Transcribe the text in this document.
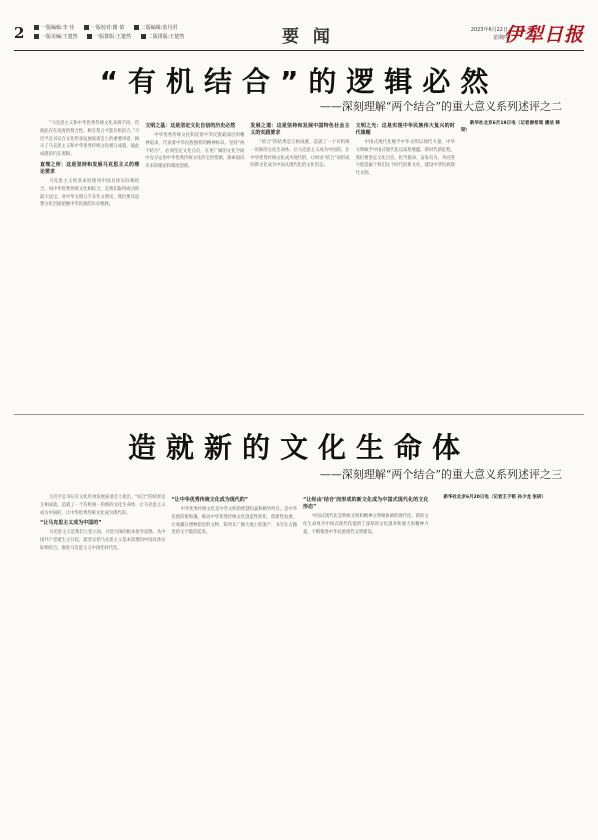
2	一版编辑:李 佳	一版校对:楼 倩	二版编辑:张丹君
一版美编:王楚然	一版排版:王楚然	二版排版:王楚然	要 闻	2023年6月22日
星期四
伊犁日报
“有机结合”的逻辑必然
——深刻理解“两个结合”的重大意义系列述评之二

“马克思主义和中华优秀传统文化来源不同，但彼此存在高度的契合性。相互契合才能有机结合。”习近平总书记在文化传承发展座谈会上的重要讲话，揭示了马克思主义和中华优秀传统文化相互成就、彼此成就的内在逻辑。

直理之所：这是坚持和发展马克思主义的理论要求

马克思主义的基本原理同中国具体实际相结合、同中华优秀传统文化相结合，是我们取得成功的最大法宝。对中华文明五千多年文明史，我们要从思想文化层面把握中华民族的历史根脉。

文明之基：这是坚定文化自信的历史必然

中华优秀传统文化积淀着中华民族最深层的精神追求，代表着中华民族独特的精神标识。坚持“两个结合”，必须坚定文化自信，在更广阔的文化空间中充分运用中华优秀传统文化的宝贵资源，探索面向未来的理论和制度创新。

发展之道：这是坚持和发展中国特色社会主义的实践要求

“结合”的结果是互相成就，造就了一个有机统一的新的文化生命体，让马克思主义成为中国的，让中华优秀传统文化成为现代的，让经由“结合”而形成的新文化成为中国式现代化的文化形态。

文明之光：这是实现中华民族伟大复兴的时代课题

中国式现代化赋予中华文明以现代力量，中华文明赋予中国式现代化以深厚底蕴。新时代新征程，我们要坚定文化自信，担当使命、奋发有为，共同努力创造属于我们这个时代的新文化，建设中华民族现代文明。

新华社北京6月19日电（记者谢希瑶 潘洁 韩梁）

造就新的文化生命体
——深刻理解“两个结合”的重大意义系列述评之三

习近平总书记在文化传承发展座谈会上指出，“结合”的结果是互相成就，造就了一个有机统一的新的文化生命体，让马克思主义成为中国的，让中华优秀传统文化成为现代的。

“让马克思主义成为中国的”

马克思主义是我们立党立国、兴党兴国的根本指导思想。从中国共产党诞生之日起，就坚定把马克思主义基本原理同中国具体实际相结合，推进马克思主义中国化时代化。

“让中华优秀传统文化成为现代的”

中华优秀传统文化是中华文明的智慧结晶和精华所在，是中华民族的根和魂。推动中华优秀传统文化创造性转化、创新性发展，让收藏在博物馆里的文物、陈列在广阔大地上的遗产、书写在古籍里的文字都活起来。

“让经由‘结合’而形成的新文化成为中国式现代化的文化形态”

中国式现代化是物质文明和精神文明相协调的现代化。新的文化生命体为中国式现代化提供了深厚的文化滋养和强大的精神力量，不断推进中华民族现代文明建设。

新华社北京6月20日电（记者王子铭 孙少龙 张研）
